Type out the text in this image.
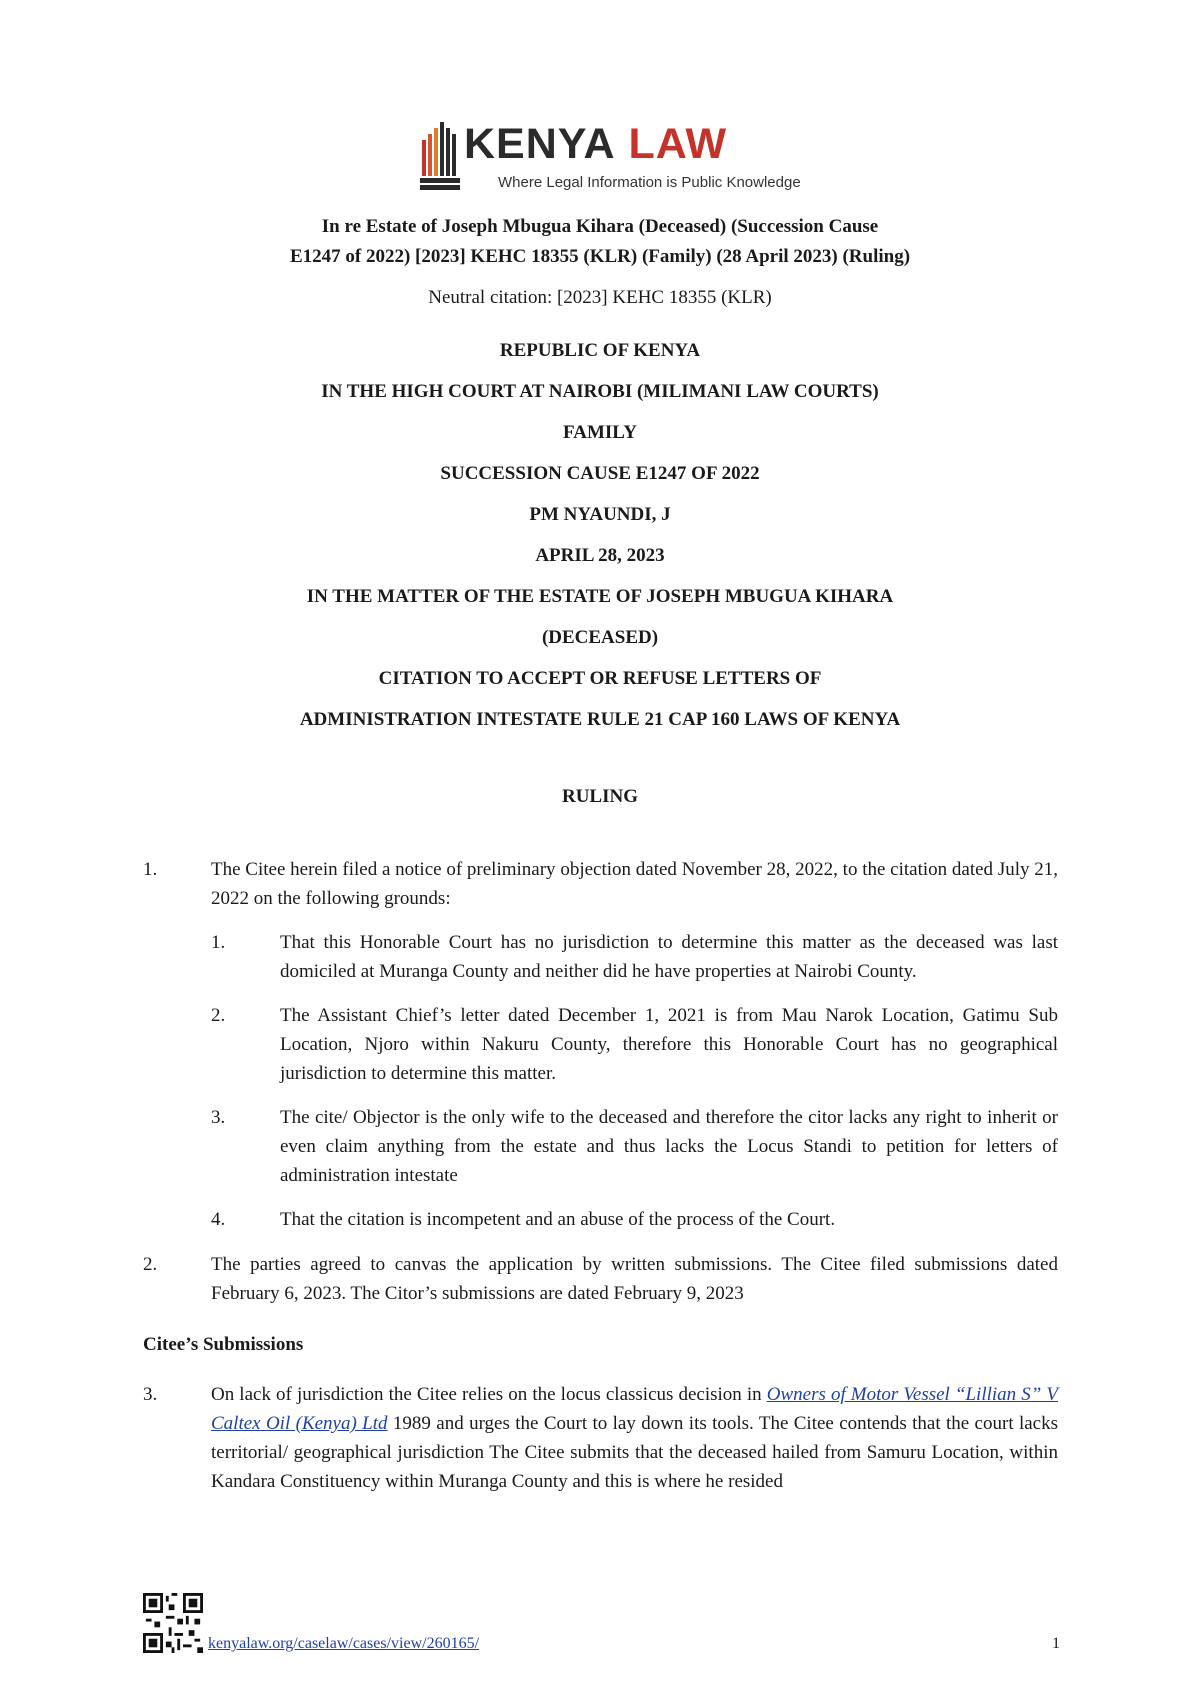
KENYA LAW
Where Legal Information is Public Knowledge
In re Estate of Joseph Mbugua Kihara (Deceased) (Succession Cause
E1247 of 2022) [2023] KEHC 18355 (KLR) (Family) (28 April 2023) (Ruling)
Neutral citation: [2023] KEHC 18355 (KLR)
REPUBLIC OF KENYA
IN THE HIGH COURT AT NAIROBI (MILIMANI LAW COURTS)
FAMILY
SUCCESSION CAUSE E1247 OF 2022
PM NYAUNDI, J
APRIL 28, 2023
IN THE MATTER OF THE ESTATE OF JOSEPH MBUGUA KIHARA
(DECEASED)
CITATION TO ACCEPT OR REFUSE LETTERS OF
ADMINISTRATION INTESTATE RULE 21 CAP 160 LAWS OF KENYA
RULING
1.	The Citee herein filed a notice of preliminary objection dated November 28, 2022, to the citation dated July 21, 2022 on the following grounds:
1.	That this Honorable Court has no jurisdiction to determine this matter as the deceased was last domiciled at Muranga County and neither did he have properties at Nairobi County.
2.	The Assistant Chief’s letter dated December 1, 2021 is from Mau Narok Location, Gatimu Sub Location, Njoro within Nakuru County, therefore this Honorable Court has no geographical jurisdiction to determine this matter.
3.	The cite/ Objector is the only wife to the deceased and therefore the citor lacks any right to inherit or even claim anything from the estate and thus lacks the Locus Standi to petition for letters of administration intestate
4.	That the citation is incompetent and an abuse of the process of the Court.
2.	The parties agreed to canvas the application by written submissions. The Citee filed submissions dated February 6, 2023. The Citor’s submissions are dated February 9, 2023
Citee’s Submissions
3.	On lack of jurisdiction the Citee relies on the locus classicus decision in Owners of Motor Vessel “Lillian S” V Caltex Oil (Kenya) Ltd 1989 and urges the Court to lay down its tools. The Citee contends that the court lacks territorial/ geographical jurisdiction The Citee submits that the deceased hailed from Samuru Location, within Kandara Constituency within Muranga County and this is where he resided
kenyalaw.org/caselaw/cases/view/260165/	1
